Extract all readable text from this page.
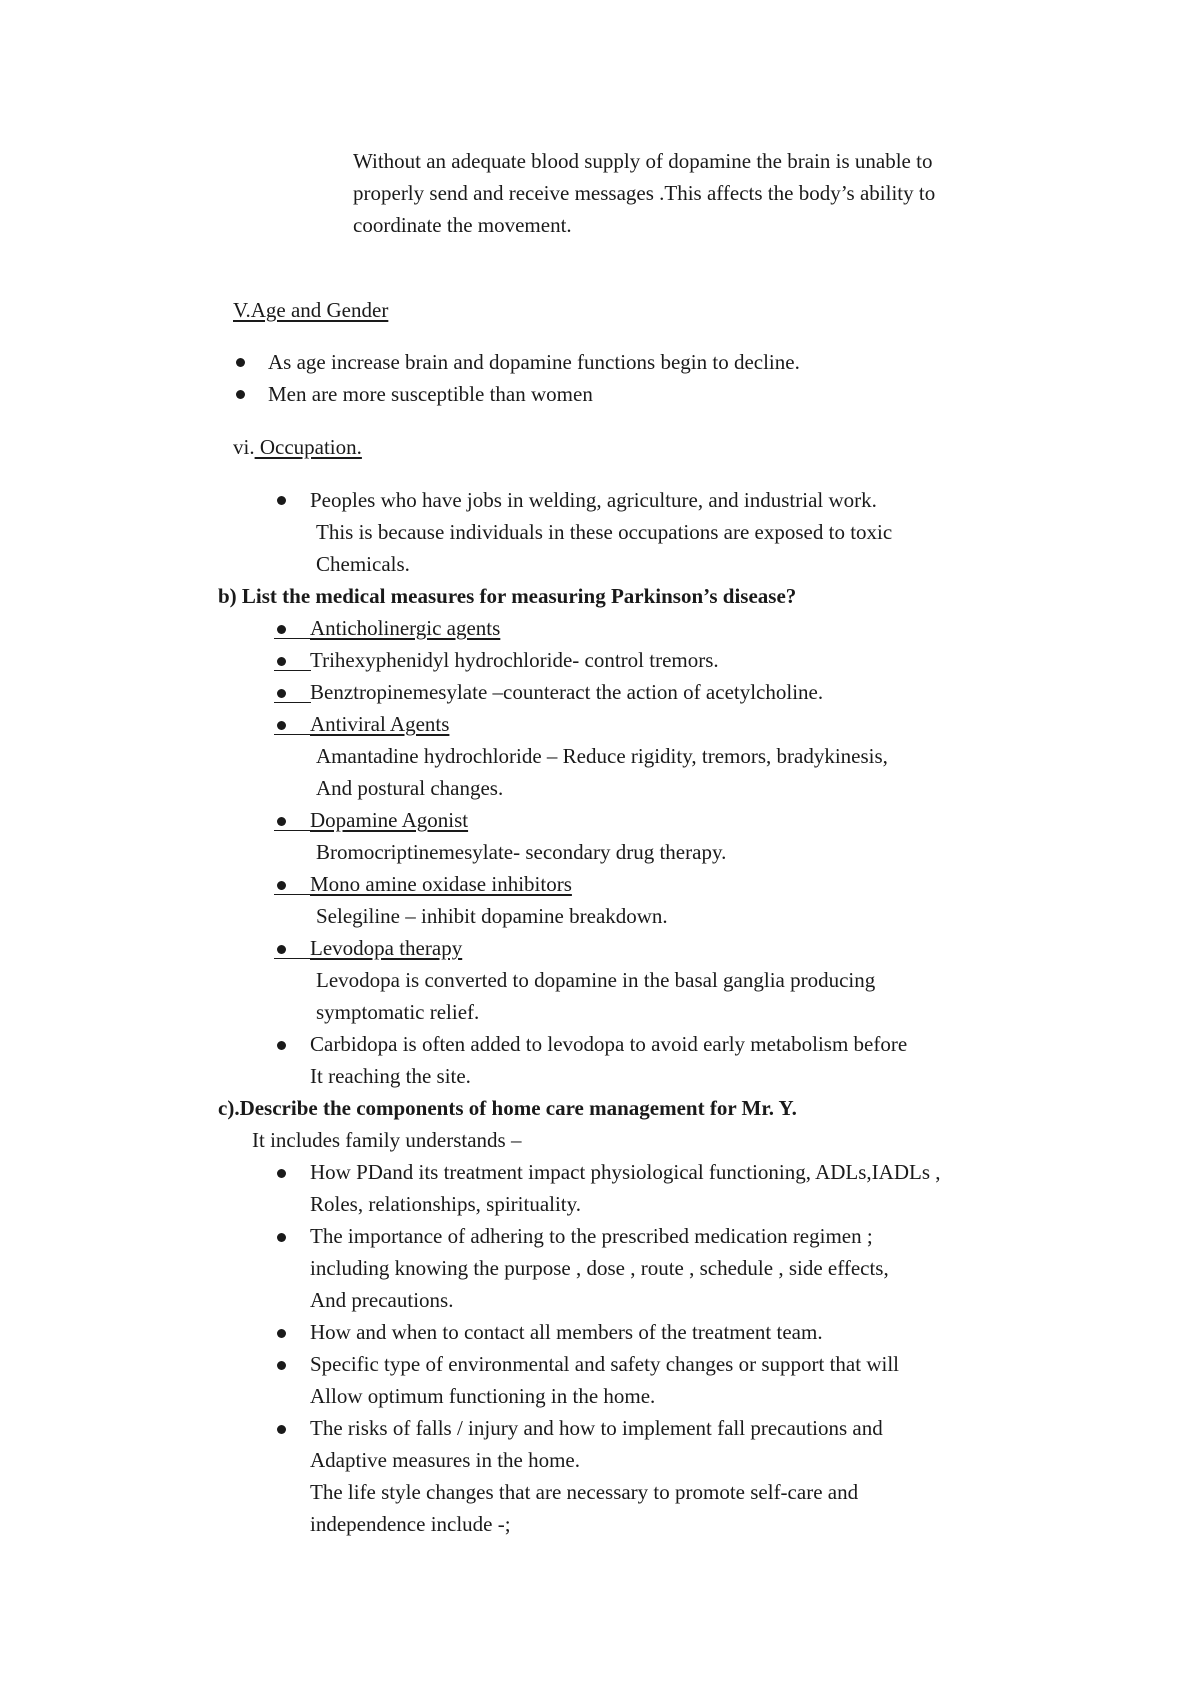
Without an adequate blood supply of dopamine the brain is unable to
properly send and receive messages .This affects the body’s ability to
coordinate the movement.
V.Age and Gender
As age increase brain and dopamine functions begin to decline.
Men are more susceptible than women
vi. Occupation.
Peoples who have jobs in welding, agriculture, and industrial work.
This is because individuals in these occupations are exposed to toxic
Chemicals.
b) List the medical measures for measuring Parkinson’s disease?
Anticholinergic agents
Trihexyphenidyl hydrochloride- control tremors.
Benztropinemesylate –counteract the action of acetylcholine.
Antiviral Agents
Amantadine hydrochloride – Reduce rigidity, tremors, bradykinesis,
And postural changes.
Dopamine Agonist
Bromocriptinemesylate- secondary drug therapy.
Mono amine oxidase inhibitors
Selegiline – inhibit dopamine breakdown.
Levodopa therapy
Levodopa is converted to dopamine in the basal ganglia producing
symptomatic relief.
Carbidopa is often added to levodopa to avoid early metabolism before
It reaching the site.
c).Describe the components of home care management for Mr. Y.
It includes family understands –
How PDand its treatment impact physiological functioning, ADLs,IADLs ,
Roles, relationships, spirituality.
The importance of adhering to the prescribed medication regimen ;
including knowing the purpose , dose , route , schedule , side effects,
And precautions.
How and when to contact all members of the treatment team.
Specific type of environmental and safety changes or support that will
Allow optimum functioning in the home.
The risks of falls / injury and how to implement fall precautions and
Adaptive measures in the home.
The life style changes that are necessary to promote self-care and
independence include -;
